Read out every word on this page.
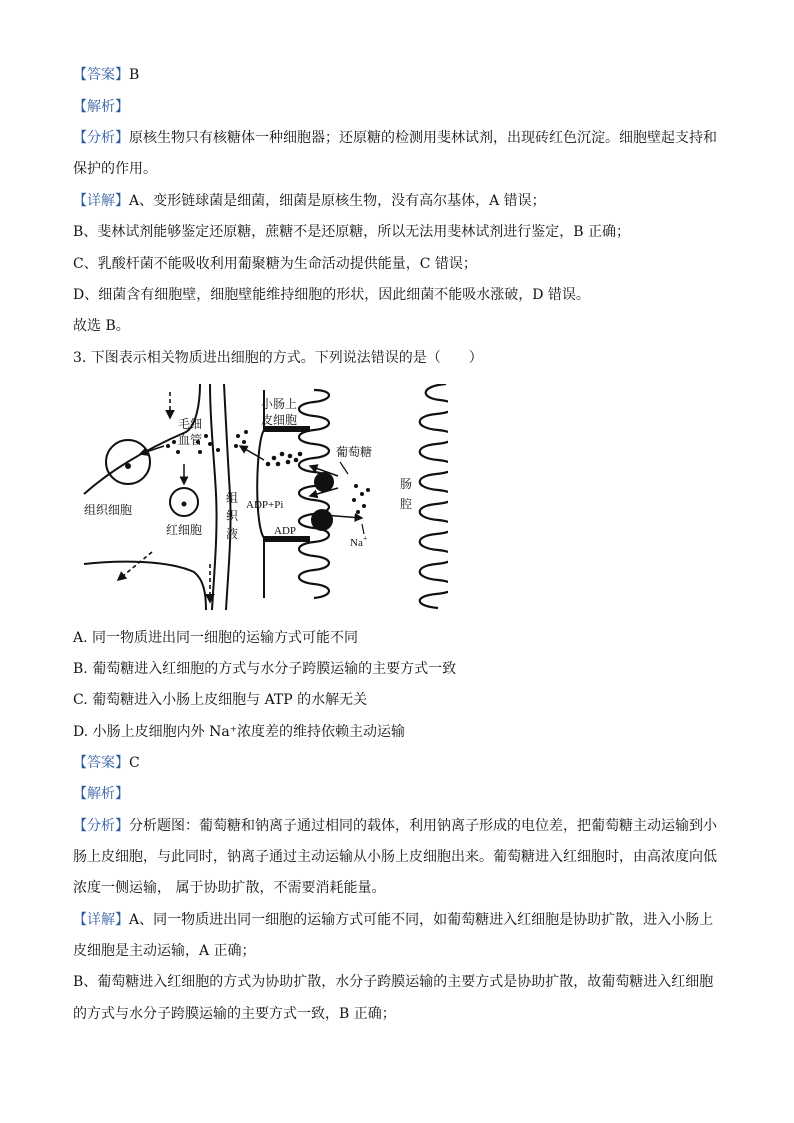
【答案】B
【解析】
【分析】原核生物只有核糖体一种细胞器；还原糖的检测用斐林试剂，出现砖红色沉淀。细胞壁起支持和
保护的作用。
【详解】A、变形链球菌是细菌，细菌是原核生物，没有高尔基体，A 错误；
B、斐林试剂能够鉴定还原糖，蔗糖不是还原糖，所以无法用斐林试剂进行鉴定，B 正确；
C、乳酸杆菌不能吸收利用葡聚糖为生命活动提供能量，C 错误；
D、细菌含有细胞壁，细胞壁能维持细胞的形状，因此细菌不能吸水涨破，D 错误。
故选 B。
3. 下图表示相关物质进出细胞的方式。下列说法错误的是（　　）
毛细
血管
组织细胞
红细胞
组
织
液
小肠上
皮细胞
葡萄糖
ADP+Pi
ADP
Na+
肠
腔
A. 同一物质进出同一细胞的运输方式可能不同
B. 葡萄糖进入红细胞的方式与水分子跨膜运输的主要方式一致
C. 葡萄糖进入小肠上皮细胞与 ATP 的水解无关
D. 小肠上皮细胞内外 Na⁺浓度差的维持依赖主动运输
【答案】C
【解析】
【分析】分析题图：葡萄糖和钠离子通过相同的载体，利用钠离子形成的电位差，把葡萄糖主动运输到小
肠上皮细胞，与此同时，钠离子通过主动运输从小肠上皮细胞出来。葡萄糖进入红细胞时，由高浓度向低
浓度一侧运输， 属于协助扩散，不需要消耗能量。
【详解】A、同一物质进出同一细胞的运输方式可能不同，如葡萄糖进入红细胞是协助扩散，进入小肠上
皮细胞是主动运输，A 正确；
B、葡萄糖进入红细胞的方式为协助扩散，水分子跨膜运输的主要方式是协助扩散，故葡萄糖进入红细胞
的方式与水分子跨膜运输的主要方式一致，B 正确；
